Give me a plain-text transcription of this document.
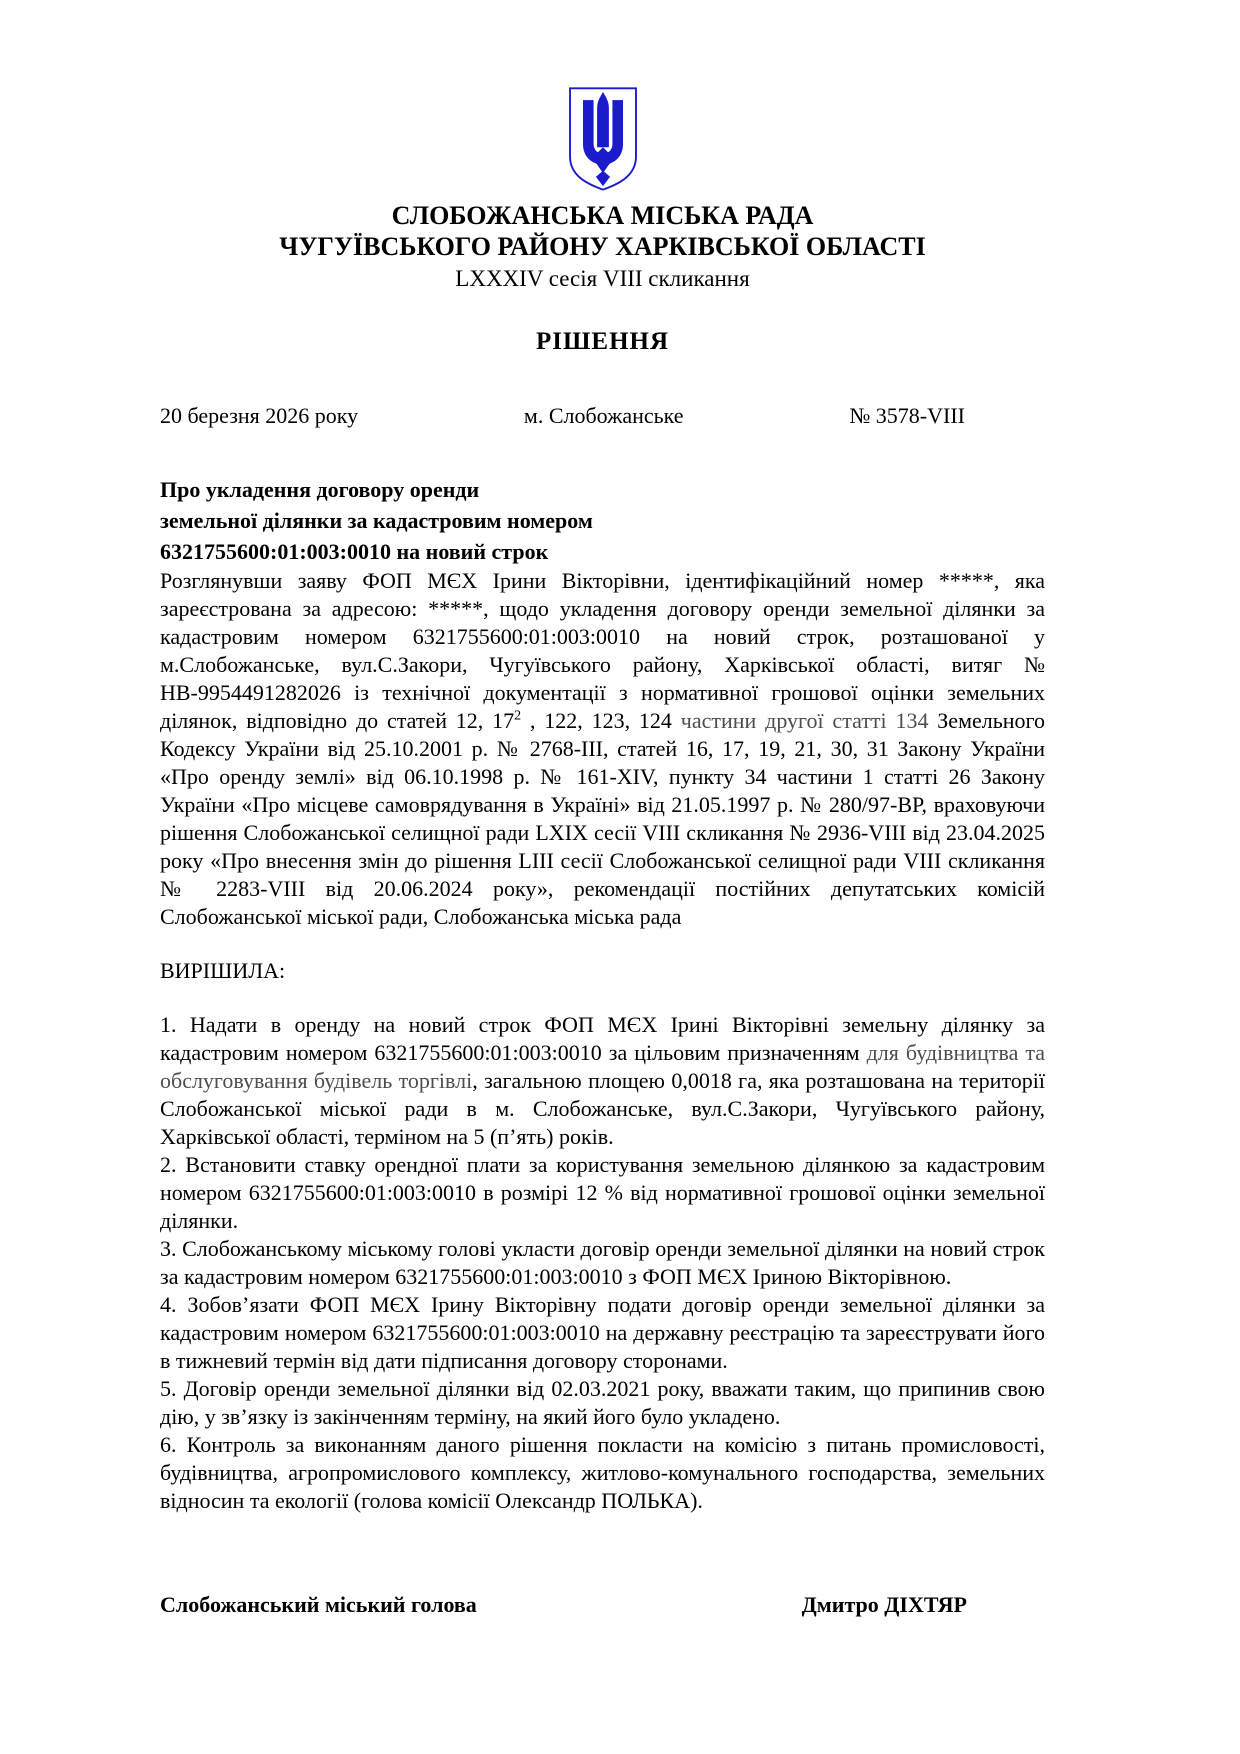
СЛОБОЖАНСЬКА МІСЬКА РАДА
ЧУГУЇВСЬКОГО РАЙОНУ ХАРКІВСЬКОЇ ОБЛАСТІ
LXXXIV сесія VIII скликання
РІШЕННЯ
20 березня 2026 року	м. Слобожанське	№ 3578-VIII
Про укладення договору оренди
земельної ділянки за кадастровим номером
6321755600:01:003:0010 на новий строк

Розглянувши заяву ФОП МЄХ Ірини Вікторівни, ідентифікаційний номер *****, яка зареєстрована за адресою: *****, щодо укладення договору оренди земельної ділянки за кадастровим номером 6321755600:01:003:0010 на новий строк, розташованої у м.Слобожанське, вул.С.Закори, Чугуївського району, Харківської області, витяг № НВ-9954491282026 із технічної документації з нормативної грошової оцінки земельних ділянок, відповідно до статей 12, $17^2$ , 122, 123, 124 частини другої статті 134 Земельного Кодексу України від 25.10.2001 р. № 2768-III, статей 16, 17, 19, 21, 30, 31 Закону України «Про оренду землі» від 06.10.1998 р. № 161-XIV, пункту 34 частини 1 статті 26 Закону України «Про місцеве самоврядування в Україні» від 21.05.1997 р. № 280/97-ВР, враховуючи рішення Слобожанської селищної ради LXIX сесії VIII скликання № 2936-VIII від 23.04.2025 року «Про внесення змін до рішення LIII сесії Слобожанської селищної ради VIII скликання № 2283-VIII від 20.06.2024 року», рекомендації постійних депутатських комісій Слобожанської міської ради, Слобожанська міська рада

ВИРІШИЛА:

1. Надати в оренду на новий строк ФОП МЄХ Ірині Вікторівні земельну ділянку за кадастровим номером 6321755600:01:003:0010 за цільовим призначенням для будівництва та обслуговування будівель торгівлі, загальною площею 0,0018 га, яка розташована на території Слобожанської міської ради в м. Слобожанське, вул.С.Закори, Чугуївського району, Харківської області, терміном на 5 (п’ять) років.

2. Встановити ставку орендної плати за користування земельною ділянкою за кадастровим номером 6321755600:01:003:0010 в розмірі 12 % від нормативної грошової оцінки земельної ділянки.

3. Слобожанському міському голові укласти договір оренди земельної ділянки на новий строк за кадастровим номером 6321755600:01:003:0010 з ФОП МЄХ Іриною Вікторівною.

4. Зобов’язати ФОП МЄХ Ірину Вікторівну подати договір оренди земельної ділянки за кадастровим номером 6321755600:01:003:0010 на державну реєстрацію та зареєструвати його в тижневий термін від дати підписання договору сторонами.

5. Договір оренди земельної ділянки від 02.03.2021 року, вважати таким, що припинив свою дію, у зв’язку із закінченням терміну, на який його було укладено.

6. Контроль за виконанням даного рішення покласти на комісію з питань промисловості, будівництва, агропромислового комплексу, житлово-комунального господарства, земельних відносин та екології (голова комісії Олександр ПОЛЬКА).

Слобожанський міський голова	Дмитро ДІХТЯР
